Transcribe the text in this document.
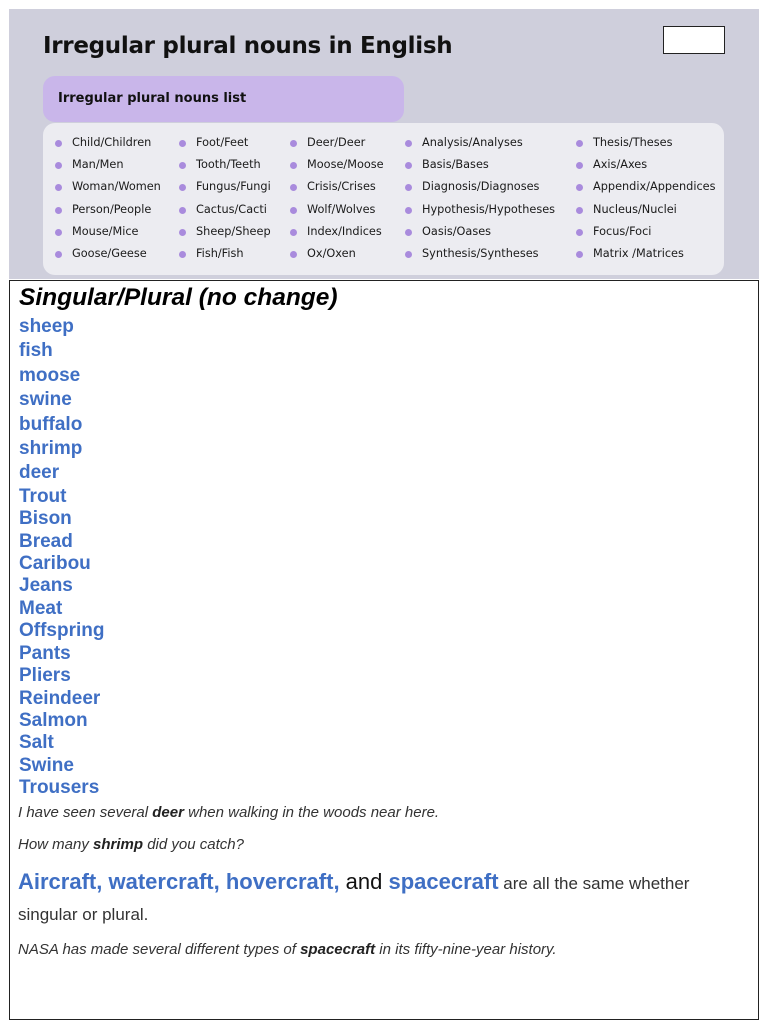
Irregular plural nouns in English
Irregular plural nouns list
Child/Children
Man/Men
Woman/Women
Person/People
Mouse/Mice
Goose/Geese
Foot/Feet
Tooth/Teeth
Fungus/Fungi
Cactus/Cacti
Sheep/Sheep
Fish/Fish
Deer/Deer
Moose/Moose
Crisis/Crises
Wolf/Wolves
Index/Indices
Ox/Oxen
Analysis/Analyses
Basis/Bases
Diagnosis/Diagnoses
Hypothesis/Hypotheses
Oasis/Oases
Synthesis/Syntheses
Thesis/Theses
Axis/Axes
Appendix/Appendices
Nucleus/Nuclei
Focus/Foci
Matrix /Matrices
Singular/Plural (no change)
sheep
fish
moose
swine
buffalo
shrimp
deer
Trout
Bison
Bread
Caribou
Jeans
Meat
Offspring
Pants
Pliers
Reindeer
Salmon
Salt
Swine
Trousers

I have seen several deer when walking in the woods near here.

How many shrimp did you catch?

Aircraft, watercraft, hovercraft, and spacecraft are all the same whether singular or plural.

NASA has made several different types of spacecraft in its fifty-nine-year history.
